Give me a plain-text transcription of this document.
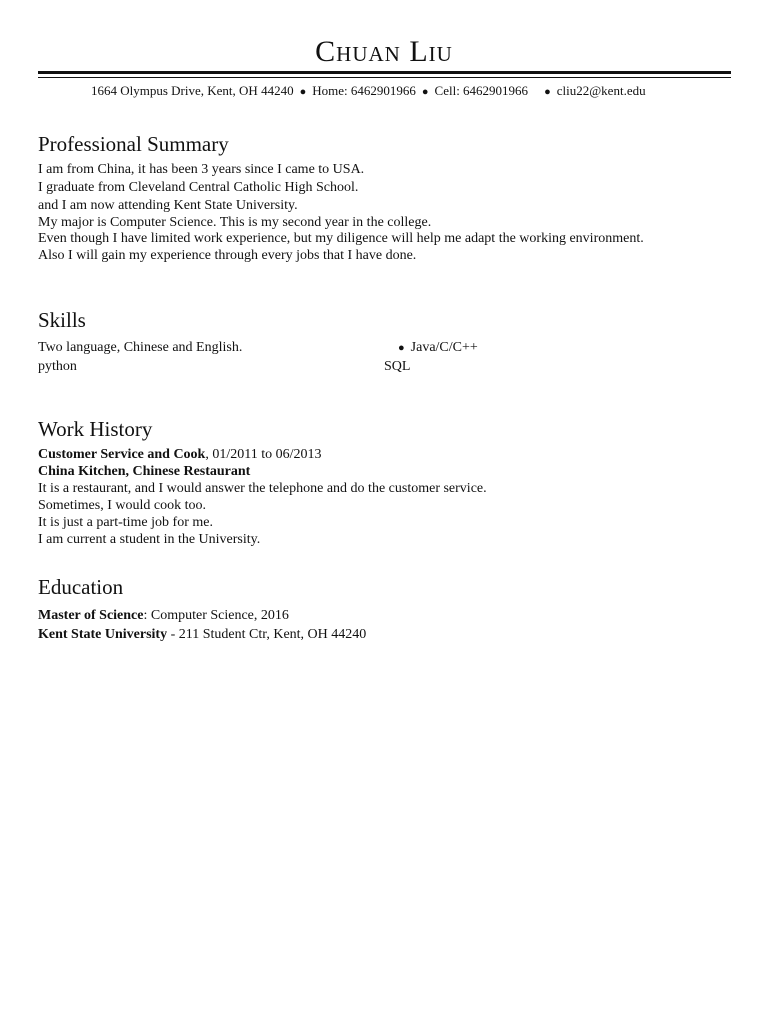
Chuan Liu
1664 Olympus Drive, Kent, OH 44240 ● Home: 6462901966 ● Cell: 6462901966 ● cliu22@kent.edu
Professional Summary
I am from China, it has been 3 years since I came to USA.
I graduate from Cleveland Central Catholic High School.
and I am now attending Kent State University.
My major is Computer Science. This is my second year in the college.
Even though I have limited work experience, but my diligence will help me adapt the working environment.
Also I will gain my experience through every jobs that I have done.
Skills
Two language, Chinese and English.	● Java/C/C++
python	SQL
Work History
Customer Service and Cook, 01/2011 to 06/2013
China Kitchen, Chinese Restaurant
It is a restaurant, and I would answer the telephone and do the customer service.
Sometimes, I would cook too.
It is just a part-time job for me.
I am current a student in the University.
Education
Master of Science: Computer Science, 2016
Kent State University - 211 Student Ctr, Kent, OH 44240
